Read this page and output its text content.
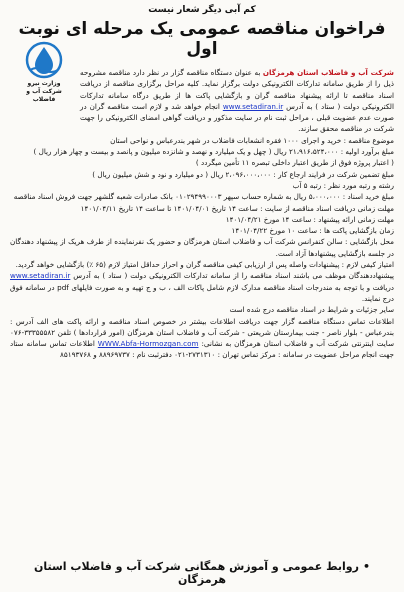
کم آبی دیگر شعار نیست
فراخوان مناقصه عمومی یک مرحله ای نوبت اول
وزارت نیرو
شرکت آب و فاضلاب

شرکت آب و فاضلاب استان هرمزگان به عنوان دستگاه مناقصه گزار در نظر دارد مناقصه مشروحه ذیل را از طریق سامانه تدارکات الکترونیکی دولت برگزار نماید. کلیه مراحل برگزاری مناقصه از دریافت اسناد مناقصه تا ارائه پیشنهاد مناقصه گران و بازگشایی پاکت ها از طریق درگاه سامانه تدارکات الکترونیکی دولت ( ستاد ) به آدرس www.setadiran.ir انجام خواهد شد و لازم است مناقصه گران در صورت عدم عضویت قبلی ، مراحل ثبت نام در سایت مذکور و دریافت گواهی امضای الکترونیکی را جهت شرکت در مناقصه محقق سازند.

موضوع مناقصه : خرید و اجرای ۱۰۰۰ فقره انشعابات فاضلاب در شهر بندرعباس و نواحی استان

مبلغ برآورد اولیه : ۲۱،۹۱۶،۵۲۴،۰۰۰ ریال ( چهل و یک میلیارد و نهصد و شانزده میلیون و پانصد و بیست و چهار هزار ریال )

( اعتبار پروژه فوق از طریق اعتبار داخلی تبصره ۱۱ تأمین میگردد )

مبلغ تضمین شرکت در فرایند ارجاع کار : ۲،۰۹۶،۰۰۰،۰۰۰ ریال ( دو میلیارد و نود و شش میلیون ریال )

رشته و رتبه مورد نظر : رتبه ۵ آب

مبلغ خرید اسناد : ۵،۰۰۰،۰۰۰ ریال به شماره حساب سپهر ۰۱۰۲۹۴۹۹۰۰۰۳ بانک صادرات شعبه گلشهر جهت فروش اسناد مناقصه

مهلت زمانی دریافت اسناد مناقصه از سایت : ساعت ۱۴ تاریخ ۱۴۰۱/۰۴/۰۱ تا ساعت ۱۴ تاریخ ۱۴۰۱/۰۴/۱۱

مهلت زمانی ارائه پیشنهاد : ساعت ۱۴ مورخ ۱۴۰۱/۰۴/۲۱

زمان بازگشایی پاکت ها : ساعت ۱۰ مورخ ۱۴۰۱/۰۴/۲۲

محل بازگشایی : سالن کنفرانس شرکت آب و فاضلاب استان هرمزگان و حضور یک نفرنماینده از طرف هریک از پیشنهاد دهندگان در جلسه بازگشایی پیشنهادها آزاد است.

امتیاز کیفی لازم : پیشنهادات واصله پس از ارزیابی کیفی مناقصه گران و احراز حداقل امتیاز لازم (۶۵ ٪) بازگشایی خواهد گردید.

پیشنهاددهندگان موظف می باشند اسناد مناقصه را از سامانه تدارکات الکترونیکی دولت ( ستاد ) به آدرس www.setadiran.ir دریافت و با توجه به مندرجات اسناد مناقصه مدارک لازم شامل پاکات الف ، ب و ج تهیه و به صورت فایلهای pdf در سامانه فوق درج نمایند.

سایر جزئیات و شرایط در اسناد مناقصه درج شده است

اطلاعات تماس دستگاه مناقصه گزار جهت دریافت اطلاعات بیشتر در خصوص اسناد مناقصه و ارائه پاکت های الف آدرس : بندرعباس - بلوار ناصر - جنب بیمارستان شریعتی - شرکت آب و فاضلاب استان هرمزگان (امور قراردادها ) تلفن ۳۳۳۵۵۵۸۲-۰۷۶ سایت اینترنتی شرکت آب و فاضلاب استان هرمزگان به نشانی: WWW.Abfa-Hormozgan.com اطلاعات تماس سامانه ستاد جهت انجام مراحل عضویت در سامانه : مرکز تماس تهران : ۲۷۳۱۳۱۰-۰۲۱ دفترثبت نام : ۸۸۹۶۹۷۳۷ و ۸۵۱۹۳۷۶۸

• روابط عمومی و آموزش همگانی شرکت آب و فاضلاب استان هرمزگان
